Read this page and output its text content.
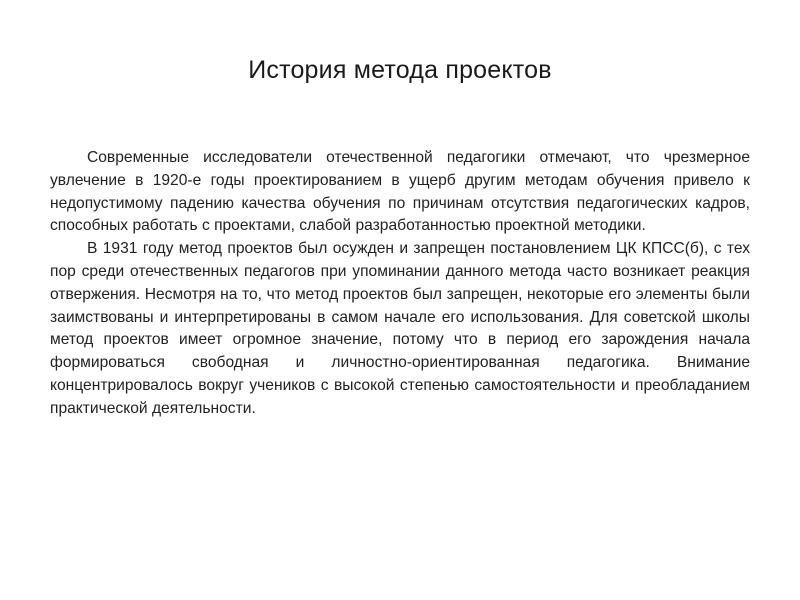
История метода проектов

Современные исследователи отечественной педагогики отмечают, что чрезмерное увлечение в 1920-е годы проектированием в ущерб другим методам обучения привело к недопустимому падению качества обучения по причинам отсутствия педагогических кадров, способных работать с проектами, слабой разработанностью проектной методики.

В 1931 году метод проектов был осужден и запрещен постановлением ЦК КПСС(б), с тех пор среди отечественных педагогов при упоминании данного метода часто возникает реакция отвержения. Несмотря на то, что метод проектов был запрещен, некоторые его элементы были заимствованы и интерпретированы в самом начале его использования. Для советской школы метод проектов имеет огромное значение, потому что в период его зарождения начала формироваться свободная и личностно-ориентированная педагогика. Внимание концентрировалось вокруг учеников с высокой степенью самостоятельности и преобладанием практической деятельности.
